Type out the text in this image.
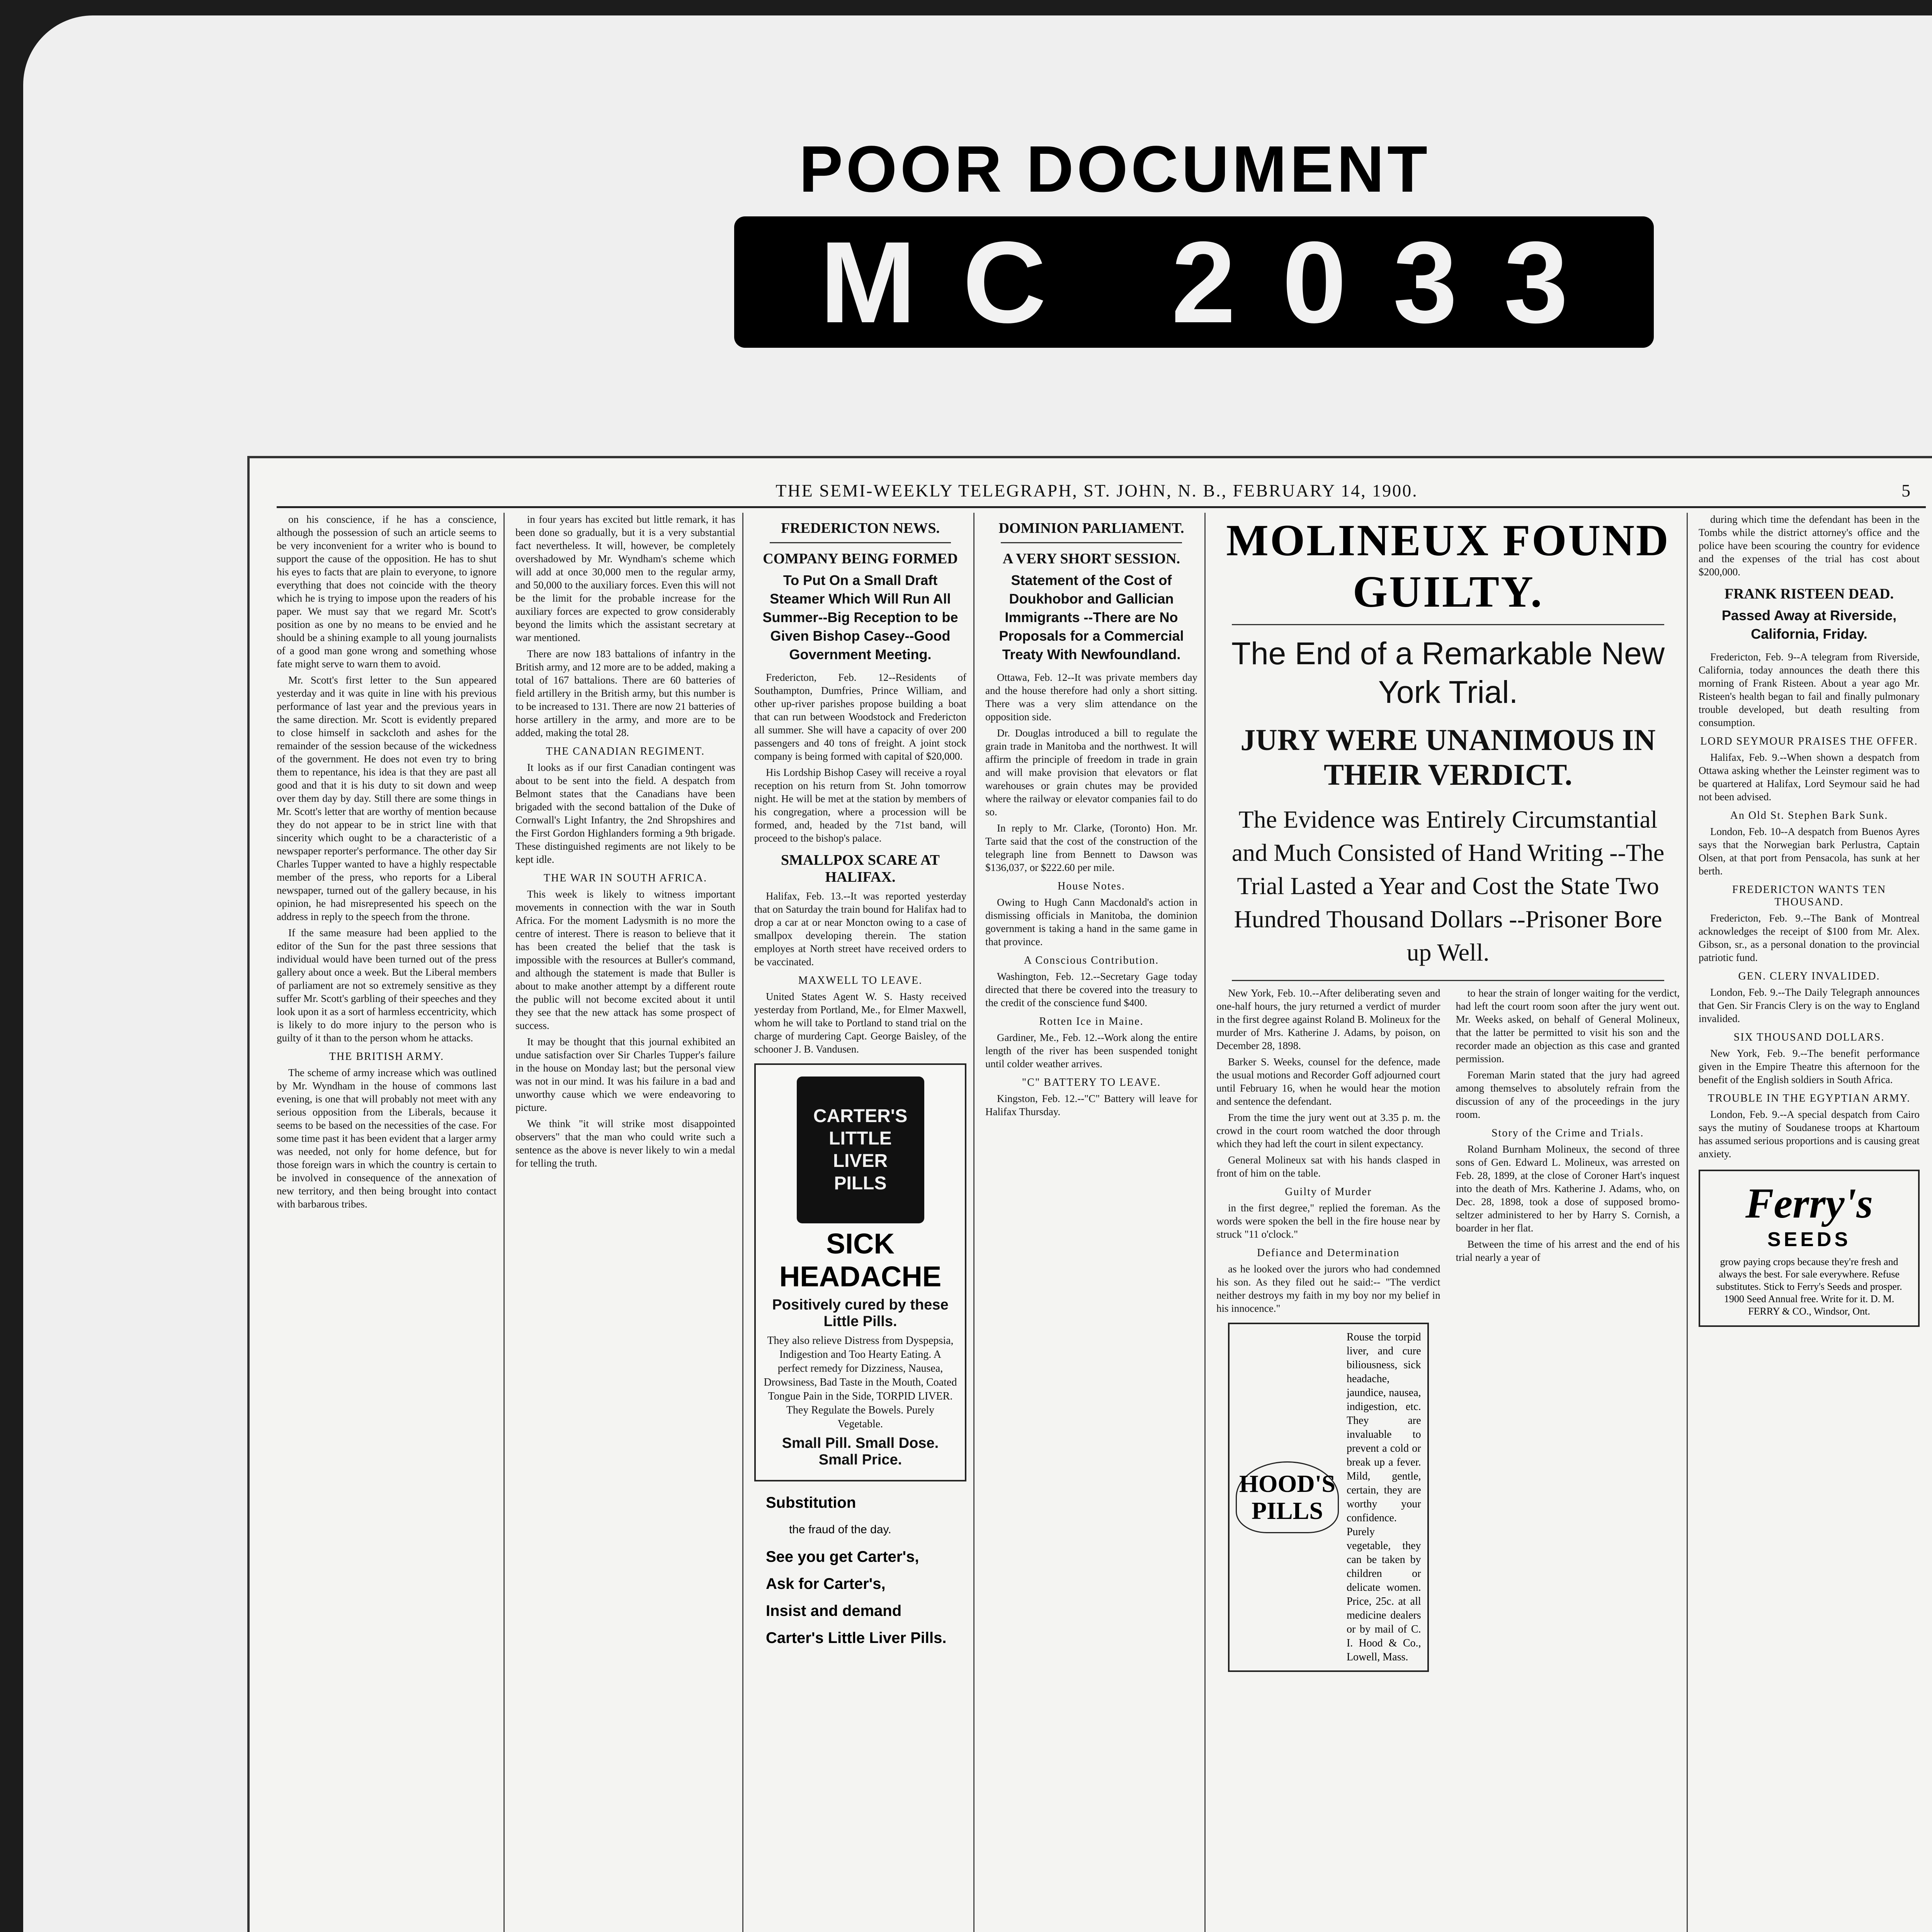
POOR DOCUMENT
MC 2033
THE SEMI-WEEKLY TELEGRAPH, ST. JOHN, N. B., FEBRUARY 14, 1900.	5

on his conscience, if he has a conscience, although the possession of such an article seems to be very inconvenient for a writer who is bound to support the cause of the opposition. He has to shut his eyes to facts that are plain to everyone, to ignore everything that does not coincide with the theory which he is trying to impose upon the readers of his paper. We must say that we regard Mr. Scott's position as one by no means to be envied and he should be a shining example to all young journalists of a good man gone wrong and something whose fate might serve to warn them to avoid.

Mr. Scott's first letter to the Sun appeared yesterday and it was quite in line with his previous performance of last year and the previous years in the same direction. Mr. Scott is evidently prepared to close himself in sackcloth and ashes for the remainder of the session because of the wickedness of the government. He does not even try to bring them to repentance, his idea is that they are past all good and that it is his duty to sit down and weep over them day by day. Still there are some things in Mr. Scott's letter that are worthy of mention because they do not appear to be in strict line with that sincerity which ought to be a characteristic of a newspaper reporter's performance. The other day Sir Charles Tupper wanted to have a highly respectable member of the press, who reports for a Liberal newspaper, turned out of the gallery because, in his opinion, he had misrepresented his speech on the address in reply to the speech from the throne.

If the same measure had been applied to the editor of the Sun for the past three sessions that individual would have been turned out of the press gallery about once a week. But the Liberal members of parliament are not so extremely sensitive as they suffer Mr. Scott's garbling of their speeches and they look upon it as a sort of harmless eccentricity, which is likely to do more injury to the person who is guilty of it than to the person whom he attacks.

THE BRITISH ARMY.

The scheme of army increase which was outlined by Mr. Wyndham in the house of commons last evening, is one that will probably not meet with any serious opposition from the Liberals, because it seems to be based on the necessities of the case. For some time past it has been evident that a larger army was needed, not only for home defence, but for those foreign wars in which the country is certain to be involved in consequence of the annexation of new territory, and then being brought into contact with barbarous tribes.

in four years has excited but little remark, it has been done so gradually, but it is a very substantial fact nevertheless. It will, however, be completely overshadowed by Mr. Wyndham's scheme which will add at once 30,000 men to the regular army, and 50,000 to the auxiliary forces. Even this will not be the limit for the probable increase for the auxiliary forces are expected to grow considerably beyond the limits which the assistant secretary at war mentioned.

There are now 183 battalions of infantry in the British army, and 12 more are to be added, making a total of 167 battalions. There are 60 batteries of field artillery in the British army, but this number is to be increased to 131. There are now 21 batteries of horse artillery in the army, and more are to be added, making the total 28.

THE CANADIAN REGIMENT.

It looks as if our first Canadian contingent was about to be sent into the field. A despatch from Belmont states that the Canadians have been brigaded with the second battalion of the Duke of Cornwall's Light Infantry, the 2nd Shropshires and the First Gordon Highlanders forming a 9th brigade. These distinguished regiments are not likely to be kept idle.

THE WAR IN SOUTH AFRICA.

This week is likely to witness important movements in connection with the war in South Africa. For the moment Ladysmith is no more the centre of interest. There is reason to believe that it has been created the belief that the task is impossible with the resources at Buller's command, and although the statement is made that Buller is about to make another attempt by a different route the public will not become excited about it until they see that the new attack has some prospect of success.

It may be thought that this journal exhibited an undue satisfaction over Sir Charles Tupper's failure in the house on Monday last; but the personal view was not in our mind. It was his failure in a bad and unworthy cause which we were endeavoring to picture.

We think "it will strike most disappointed observers" that the man who could write such a sentence as the above is never likely to win a medal for telling the truth.

FREDERICTON NEWS.
COMPANY BEING FORMED
To Put On a Small Draft Steamer Which Will Run All Summer--Big Reception to be Given Bishop Casey--Good Government Meeting.

Fredericton, Feb. 12--Residents of Southampton, Dumfries, Prince William, and other up-river parishes propose building a boat that can run between Woodstock and Fredericton all summer. She will have a capacity of over 200 passengers and 40 tons of freight. A joint stock company is being formed with capital of $20,000.

His Lordship Bishop Casey will receive a royal reception on his return from St. John tomorrow night. He will be met at the station by members of his congregation, where a procession will be formed, and, headed by the 71st band, will proceed to the bishop's palace.

SMALLPOX SCARE AT HALIFAX.

Halifax, Feb. 13.--It was reported yesterday that on Saturday the train bound for Halifax had to drop a car at or near Moncton owing to a case of smallpox developing therein. The station employes at North street have received orders to be vaccinated.

MAXWELL TO LEAVE.

United States Agent W. S. Hasty received yesterday from Portland, Me., for Elmer Maxwell, whom he will take to Portland to stand trial on the charge of murdering Capt. George Baisley, of the schooner J. B. Vandusen.

CARTER'S
LITTLE
LIVER
PILLS
SICK HEADACHE
Positively cured by these Little Pills.
They also relieve Distress from Dyspepsia, Indigestion and Too Hearty Eating. A perfect remedy for Dizziness, Nausea, Drowsiness, Bad Taste in the Mouth, Coated Tongue Pain in the Side, TORPID LIVER. They Regulate the Bowels. Purely Vegetable.
Small Pill. Small Dose. Small Price.
Substitution
the fraud of the day.
See you get Carter's,
Ask for Carter's,
Insist and demand
Carter's Little Liver Pills.
DOMINION PARLIAMENT.
A VERY SHORT SESSION.
Statement of the Cost of Doukhobor and Gallician Immigrants --There are No Proposals for a Commercial Treaty With Newfoundland.

Ottawa, Feb. 12--It was private members day and the house therefore had only a short sitting. There was a very slim attendance on the opposition side.

Dr. Douglas introduced a bill to regulate the grain trade in Manitoba and the northwest. It will affirm the principle of freedom in trade in grain and will make provision that elevators or flat warehouses or grain chutes may be provided where the railway or elevator companies fail to do so.

In reply to Mr. Clarke, (Toronto) Hon. Mr. Tarte said that the cost of the construction of the telegraph line from Bennett to Dawson was $136,037, or $222.60 per mile.

House Notes.

Owing to Hugh Cann Macdonald's action in dismissing officials in Manitoba, the dominion government is taking a hand in the same game in that province.

A Conscious Contribution.

Washington, Feb. 12.--Secretary Gage today directed that there be covered into the treasury to the credit of the conscience fund $400.

Rotten Ice in Maine.

Gardiner, Me., Feb. 12.--Work along the entire length of the river has been suspended tonight until colder weather arrives.

"C" BATTERY TO LEAVE.

Kingston, Feb. 12.--"C" Battery will leave for Halifax Thursday.

MOLINEUX FOUND GUILTY.
The End of a Remarkable New York Trial.
JURY WERE UNANIMOUS IN THEIR VERDICT.
The Evidence was Entirely Circumstantial and Much Consisted of Hand Writing --The Trial Lasted a Year and Cost the State Two Hundred Thousand Dollars --Prisoner Bore up Well.

New York, Feb. 10.--After deliberating seven and one-half hours, the jury returned a verdict of murder in the first degree against Roland B. Molineux for the murder of Mrs. Katherine J. Adams, by poison, on December 28, 1898.

Barker S. Weeks, counsel for the defence, made the usual motions and Recorder Goff adjourned court until February 16, when he would hear the motion and sentence the defendant.

From the time the jury went out at 3.35 p. m. the crowd in the court room watched the door through which they had left the court in silent expectancy.

General Molineux sat with his hands clasped in front of him on the table.

Guilty of Murder

in the first degree," replied the foreman. As the words were spoken the bell in the fire house near by struck "11 o'clock."

Defiance and Determination

as he looked over the jurors who had condemned his son. As they filed out he said:-- "The verdict neither destroys my faith in my boy nor my belief in his innocence."

HOOD'S PILLS
Rouse the torpid liver, and cure biliousness, sick headache, jaundice, nausea, indigestion, etc. They are invaluable to prevent a cold or break up a fever. Mild, gentle, certain, they are worthy your confidence. Purely vegetable, they can be taken by children or delicate women. Price, 25c. at all medicine dealers or by mail of C. I. Hood & Co., Lowell, Mass.

to hear the strain of longer waiting for the verdict, had left the court room soon after the jury went out. Mr. Weeks asked, on behalf of General Molineux, that the latter be permitted to visit his son and the recorder made an objection as this case and granted permission.

Foreman Marin stated that the jury had agreed among themselves to absolutely refrain from the discussion of any of the proceedings in the jury room.

Story of the Crime and Trials.

Roland Burnham Molineux, the second of three sons of Gen. Edward L. Molineux, was arrested on Feb. 28, 1899, at the close of Coroner Hart's inquest into the death of Mrs. Katherine J. Adams, who, on Dec. 28, 1898, took a dose of supposed bromo-seltzer administered to her by Harry S. Cornish, a boarder in her flat.

Between the time of his arrest and the end of his trial nearly a year of

during which time the defendant has been in the Tombs while the district attorney's office and the police have been scouring the country for evidence and the expenses of the trial has cost about $200,000.

FRANK RISTEEN DEAD.
Passed Away at Riverside, California, Friday.

Fredericton, Feb. 9--A telegram from Riverside, California, today announces the death there this morning of Frank Risteen. About a year ago Mr. Risteen's health began to fail and finally pulmonary trouble developed, but death resulting from consumption.

LORD SEYMOUR PRAISES THE OFFER.

Halifax, Feb. 9.--When shown a despatch from Ottawa asking whether the Leinster regiment was to be quartered at Halifax, Lord Seymour said he had not been advised.

An Old St. Stephen Bark Sunk.

London, Feb. 10--A despatch from Buenos Ayres says that the Norwegian bark Perlustra, Captain Olsen, at that port from Pensacola, has sunk at her berth.

FREDERICTON WANTS TEN THOUSAND.

Fredericton, Feb. 9.--The Bank of Montreal acknowledges the receipt of $100 from Mr. Alex. Gibson, sr., as a personal donation to the provincial patriotic fund.

GEN. CLERY INVALIDED.

London, Feb. 9.--The Daily Telegraph announces that Gen. Sir Francis Clery is on the way to England invalided.

SIX THOUSAND DOLLARS.

New York, Feb. 9.--The benefit performance given in the Empire Theatre this afternoon for the benefit of the English soldiers in South Africa.

TROUBLE IN THE EGYPTIAN ARMY.

London, Feb. 9.--A special despatch from Cairo says the mutiny of Soudanese troops at Khartoum has assumed serious proportions and is causing great anxiety.

Ferry's
SEEDS
grow paying crops because they're fresh and always the best. For sale everywhere. Refuse substitutes. Stick to Ferry's Seeds and prosper. 1900 Seed Annual free. Write for it. D. M. FERRY & CO., Windsor, Ont.
